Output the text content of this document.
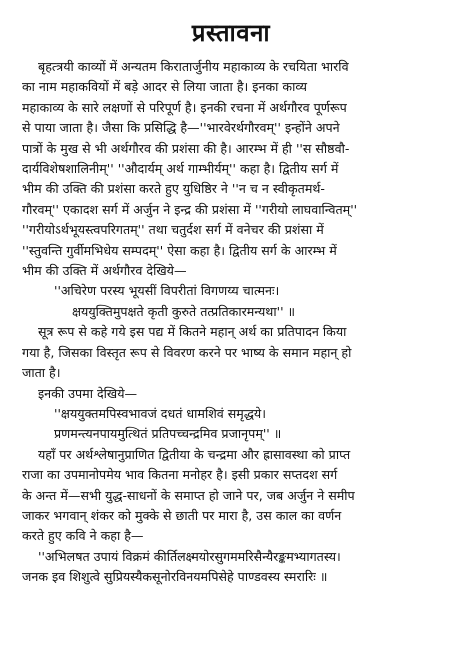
प्रस्तावना
बृहत्त्रयी काव्यों में अन्यतम किरातार्जुनीय महाकाव्य के रचयिता भारवि
का नाम महाकवियों में बड़े आदर से लिया जाता है। इनका काव्य
महाकाव्य के सारे लक्षणों से परिपूर्ण है। इनकी रचना में अर्थगौरव पूर्णरूप
से पाया जाता है। जैसा कि प्रसिद्धि है—''भारवेरर्थगौरवम्'' इन्होंने अपने
पात्रों के मुख से भी अर्थगौरव की प्रशंसा की है। आरम्भ में ही ''स सौष्ठवौ-
दार्यविशेषशालिनीम्'' ''औदार्यम् अर्थ गाम्भीर्यम्'' कहा है। द्वितीय सर्ग में
भीम की उक्ति की प्रशंसा करते हुए युधिष्ठिर ने ''न च न स्वीकृतमर्थ-
गौरवम्'' एकादश सर्ग में अर्जुन ने इन्द्र की प्रशंसा में ''गरीयो लाघवान्वितम्''
''गरीयोऽर्थभूयस्त्वपरिगतम्'' तथा चतुर्दश सर्ग में वनेचर की प्रशंसा में
''स्तुवन्ति गुर्वीमभिधेय सम्पदम्'' ऐसा कहा है। द्वितीय सर्ग के आरम्भ में
भीम की उक्ति में अर्थगौरव देखिये—
''अचिरेण परस्य भूयसीं विपरीतां विगणय्य चात्मनः।
क्षययुक्तिमुपक्षते कृती कुरुते तत्प्रतिकारमन्यथा'' ॥
सूत्र रूप से कहे गये इस पद्य में कितने महान् अर्थ का प्रतिपादन किया
गया है, जिसका विस्तृत रूप से विवरण करने पर भाष्य के समान महान् हो
जाता है।
इनकी उपमा देखिये—
''क्षययुक्तमपिस्वभावजं दधतं धामशिवं समृद्धये।
प्रणमन्त्यनपायमुत्थितं प्रतिपच्चन्द्रमिव प्रजानृपम्'' ॥
यहाँ पर अर्थश्लेषानुप्राणित द्वितीया के चन्द्रमा और ह्रासावस्था को प्राप्त
राजा का उपमानोपमेय भाव कितना मनोहर है। इसी प्रकार सप्तदश सर्ग
के अन्त में—सभी युद्ध-साधनों के समाप्त हो जाने पर, जब अर्जुन ने समीप
जाकर भगवान् शंकर को मुक्के से छाती पर मारा है, उस काल का वर्णन
करते हुए कवि ने कहा है—
''अभिलषत उपायं विक्रमं कीर्तिलक्ष्मयोरसुगममरिसैन्यैरङ्कमभ्यागतस्य।
जनक इव शिशुत्वे सुप्रियस्यैकसूनोरविनयमपिसेहे पाण्डवस्य स्मरारिः ॥
